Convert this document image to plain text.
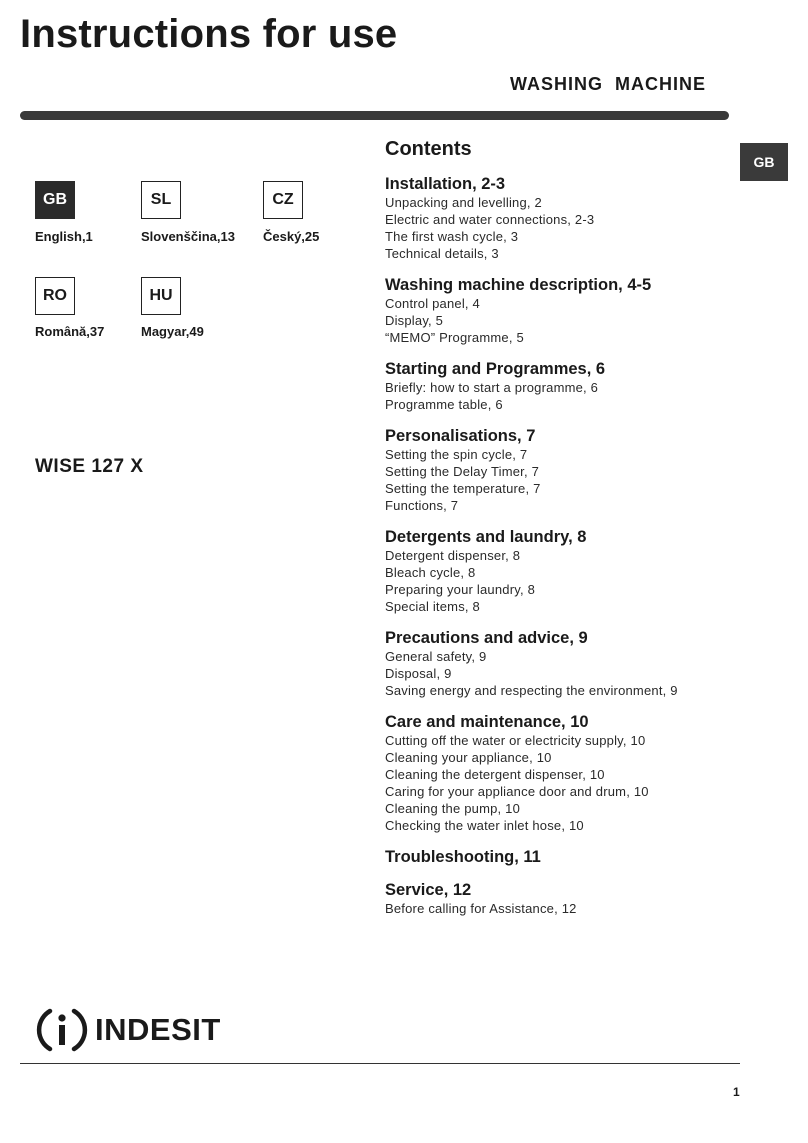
Instructions for use
WASHING  MACHINE
GB
GB
English,1
SL
Slovenščina,13
CZ
Český,25
RO
Română,37
HU
Magyar,49
WISE 127 X
Contents
Installation, 2-3
Unpacking and levelling, 2
Electric and water connections, 2-3
The first wash cycle, 3
Technical details, 3
Washing machine description, 4-5
Control panel, 4
Display, 5
“MEMO” Programme, 5
Starting and Programmes, 6
Briefly: how to start a programme, 6
Programme table, 6
Personalisations, 7
Setting the spin cycle, 7
Setting the Delay Timer, 7
Setting the temperature, 7
Functions, 7
Detergents and laundry, 8
Detergent dispenser, 8
Bleach cycle, 8
Preparing your laundry, 8
Special items, 8
Precautions and advice, 9
General safety, 9
Disposal, 9
Saving energy and respecting the environment, 9
Care and maintenance, 10
Cutting off the water or electricity supply, 10
Cleaning your appliance, 10
Cleaning the detergent dispenser, 10
Caring for your appliance door and drum, 10
Cleaning the pump, 10
Checking the water inlet hose, 10
Troubleshooting, 11
Service, 12
Before calling for Assistance, 12
INDESIT
1
